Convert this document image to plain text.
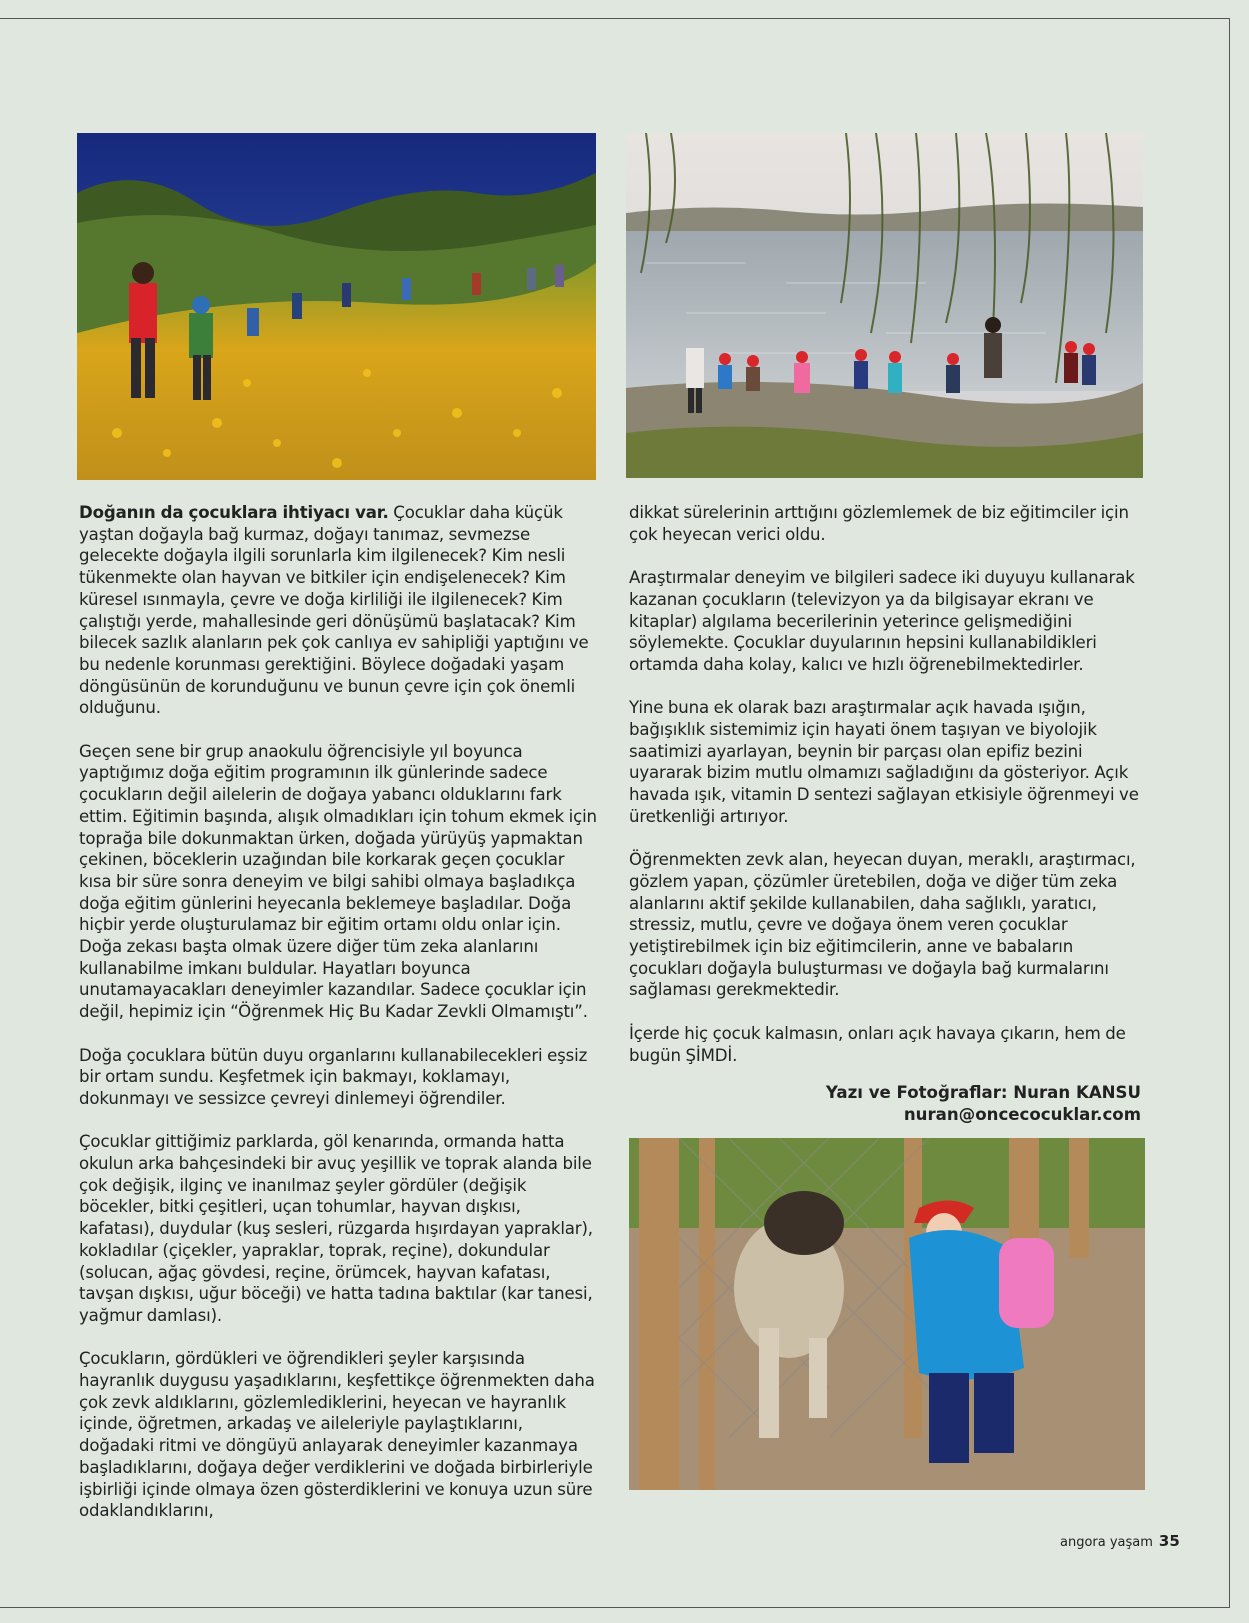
Doğanın da çocuklara ihtiyacı var. Çocuklar daha küçük yaştan doğayla bağ kurmaz, doğayı tanımaz, sevmezse gelecekte doğayla ilgili sorunlarla kim ilgilenecek? Kim nesli tükenmekte olan hayvan ve bitkiler için endişelenecek? Kim küresel ısınmayla, çevre ve doğa kirliliği ile ilgilenecek? Kim çalıştığı yerde, mahallesinde geri dönüşümü başlatacak? Kim bilecek sazlık alanların pek çok canlıya ev sahipliği yaptığını ve bu nedenle korunması gerektiğini. Böylece doğadaki yaşam döngüsünün de korunduğunu ve bunun çevre için çok önemli olduğunu.

Geçen sene bir grup anaokulu öğrencisiyle yıl boyunca yaptığımız doğa eğitim programının ilk günlerinde sadece çocukların değil ailelerin de doğaya yabancı olduklarını fark ettim. Eğitimin başında, alışık olmadıkları için tohum ekmek için toprağa bile dokunmaktan ürken, doğada yürüyüş yapmaktan çekinen, böceklerin uzağından bile korkarak geçen çocuklar kısa bir süre sonra deneyim ve bilgi sahibi olmaya başladıkça doğa eğitim günlerini heyecanla beklemeye başladılar. Doğa hiçbir yerde oluşturulamaz bir eğitim ortamı oldu onlar için. Doğa zekası başta olmak üzere diğer tüm zeka alanlarını kullanabilme imkanı buldular. Hayatları boyunca unutamayacakları deneyimler kazandılar. Sadece çocuklar için değil, hepimiz için “Öğrenmek Hiç Bu Kadar Zevkli Olmamıştı”.

Doğa çocuklara bütün duyu organlarını kullanabilecekleri eşsiz bir ortam sundu. Keşfetmek için bakmayı, koklamayı, dokunmayı ve sessizce çevreyi dinlemeyi öğrendiler.

Çocuklar gittiğimiz parklarda, göl kenarında, ormanda hatta okulun arka bahçesindeki bir avuç yeşillik ve toprak alanda bile çok değişik, ilginç ve inanılmaz şeyler gördüler (değişik böcekler, bitki çeşitleri, uçan tohumlar, hayvan dışkısı, kafatası), duydular (kuş sesleri, rüzgarda hışırdayan yapraklar), kokladılar (çiçekler, yapraklar, toprak, reçine), dokundular (solucan, ağaç gövdesi, reçine, örümcek, hayvan kafatası, tavşan dışkısı, uğur böceği) ve hatta tadına baktılar (kar tanesi, yağmur damlası).

Çocukların, gördükleri ve öğrendikleri şeyler karşısında hayranlık duygusu yaşadıklarını, keşfettikçe öğrenmekten daha çok zevk aldıklarını, gözlemlediklerini, heyecan ve hayranlık içinde, öğretmen, arkadaş ve aileleriyle paylaştıklarını, doğadaki ritmi ve döngüyü anlayarak deneyimler kazanmaya başladıklarını, doğaya değer verdiklerini ve doğada birbirleriyle işbirliği içinde olmaya özen gösterdiklerini ve konuya uzun süre odaklandıklarını,

dikkat sürelerinin arttığını gözlemlemek de biz eğitimciler için çok heyecan verici oldu.

Araştırmalar deneyim ve bilgileri sadece iki duyuyu kullanarak kazanan çocukların (televizyon ya da bilgisayar ekranı ve kitaplar) algılama becerilerinin yeterince gelişmediğini söylemekte. Çocuklar duyularının hepsini kullanabildikleri ortamda daha kolay, kalıcı ve hızlı öğrenebilmektedirler.

Yine buna ek olarak bazı araştırmalar açık havada ışığın, bağışıklık sistemimiz için hayati önem taşıyan ve biyolojik saatimizi ayarlayan, beynin bir parçası olan epifiz bezini uyararak bizim mutlu olmamızı sağladığını da gösteriyor. Açık havada ışık, vitamin D sentezi sağlayan etkisiyle öğrenmeyi ve üretkenliği artırıyor.

Öğrenmekten zevk alan, heyecan duyan, meraklı, araştırmacı, gözlem yapan, çözümler üretebilen, doğa ve diğer tüm zeka alanlarını aktif şekilde kullanabilen, daha sağlıklı, yaratıcı, stressiz, mutlu, çevre ve doğaya önem veren çocuklar yetiştirebilmek için biz eğitimcilerin, anne ve babaların çocukları doğayla buluşturması ve doğayla bağ kurmalarını sağlaması gerekmektedir.

İçerde hiç çocuk kalmasın, onları açık havaya çıkarın, hem de bugün ŞİMDİ.

Yazı ve Fotoğraflar: Nuran KANSU
nuran@oncecocuklar.com
angora yaşam 35
